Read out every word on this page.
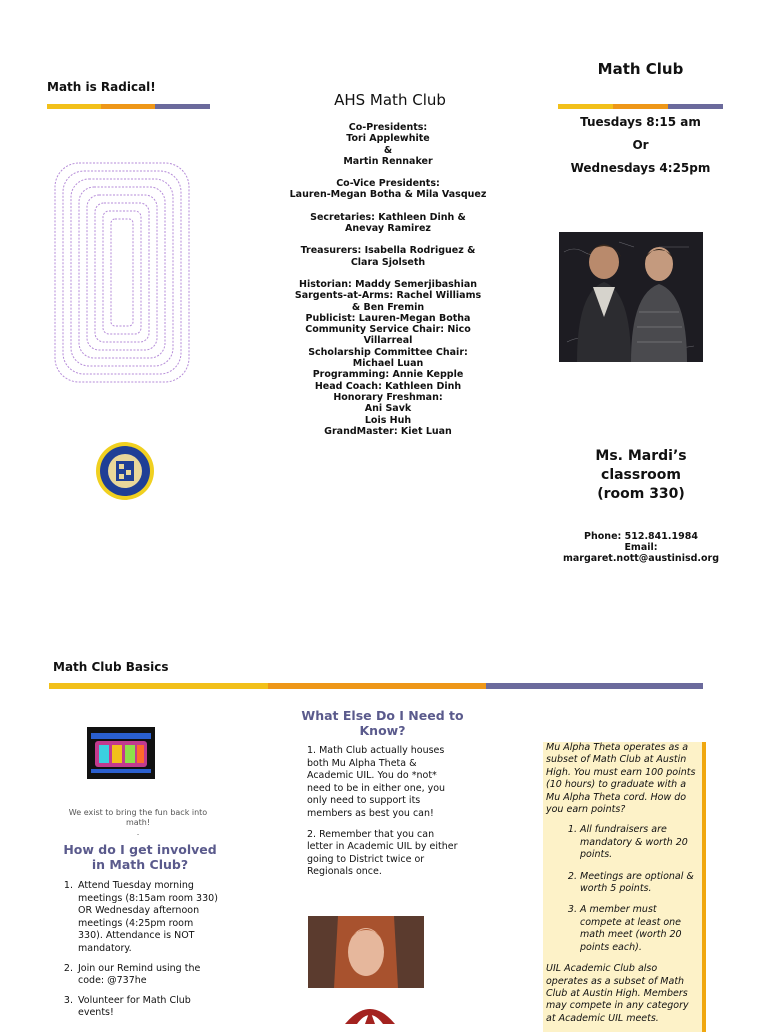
Math is Radical!
AHS Math Club
Co-Presidents:
Tori Applewhite
&
Martin Rennaker
Co-Vice Presidents:
Lauren-Megan Botha & Mila Vasquez
Secretaries: Kathleen Dinh &
Anevay Ramirez
Treasurers: Isabella Rodriguez &
Clara Sjolseth
Historian: Maddy Semerjibashian
Sargents-at-Arms: Rachel Williams
& Ben Fremin
Publicist: Lauren-Megan Botha
Community Service Chair: Nico
Villarreal
Scholarship Committee Chair:
Michael Luan
Programming: Annie Kepple
Head Coach: Kathleen Dinh
Honorary Freshman:
Ani Savk
Lois Huh
GrandMaster: Kiet Luan
Math Club
Tuesdays 8:15 am
Or
Wednesdays 4:25pm
Ms. Mardi’s
classroom
(room 330)
Phone: 512.841.1984
Email:
margaret.nott@austinisd.org
Math Club Basics
We exist to bring the fun back into
math!
.
How do I get involved in Math Club?
1. Attend Tuesday morning meetings (8:15am room 330) OR Wednesday afternoon meetings (4:25pm room 330). Attendance is NOT mandatory.
2. Join our Remind using the code: @737he
3. Volunteer for Math Club events!
What Else Do I Need to Know?

1. Math Club actually houses both Mu Alpha Theta & Academic UIL. You do *not* need to be in either one, you only need to support its members as best you can!

2. Remember that you can letter in Academic UIL by either going to District twice or Regionals once.

Mu Alpha Theta operates as a subset of Math Club at Austin High. You must earn 100 points (10 hours) to graduate with a Mu Alpha Theta cord. How do you earn points?

1. All fundraisers are mandatory & worth 20 points.
2. Meetings are optional & worth 5 points.
3. A member must compete at least one math meet (worth 20 points each).

UIL Academic Club also operates as a subset of Math Club at Austin High. Members may compete in any category at Academic UIL meets.
